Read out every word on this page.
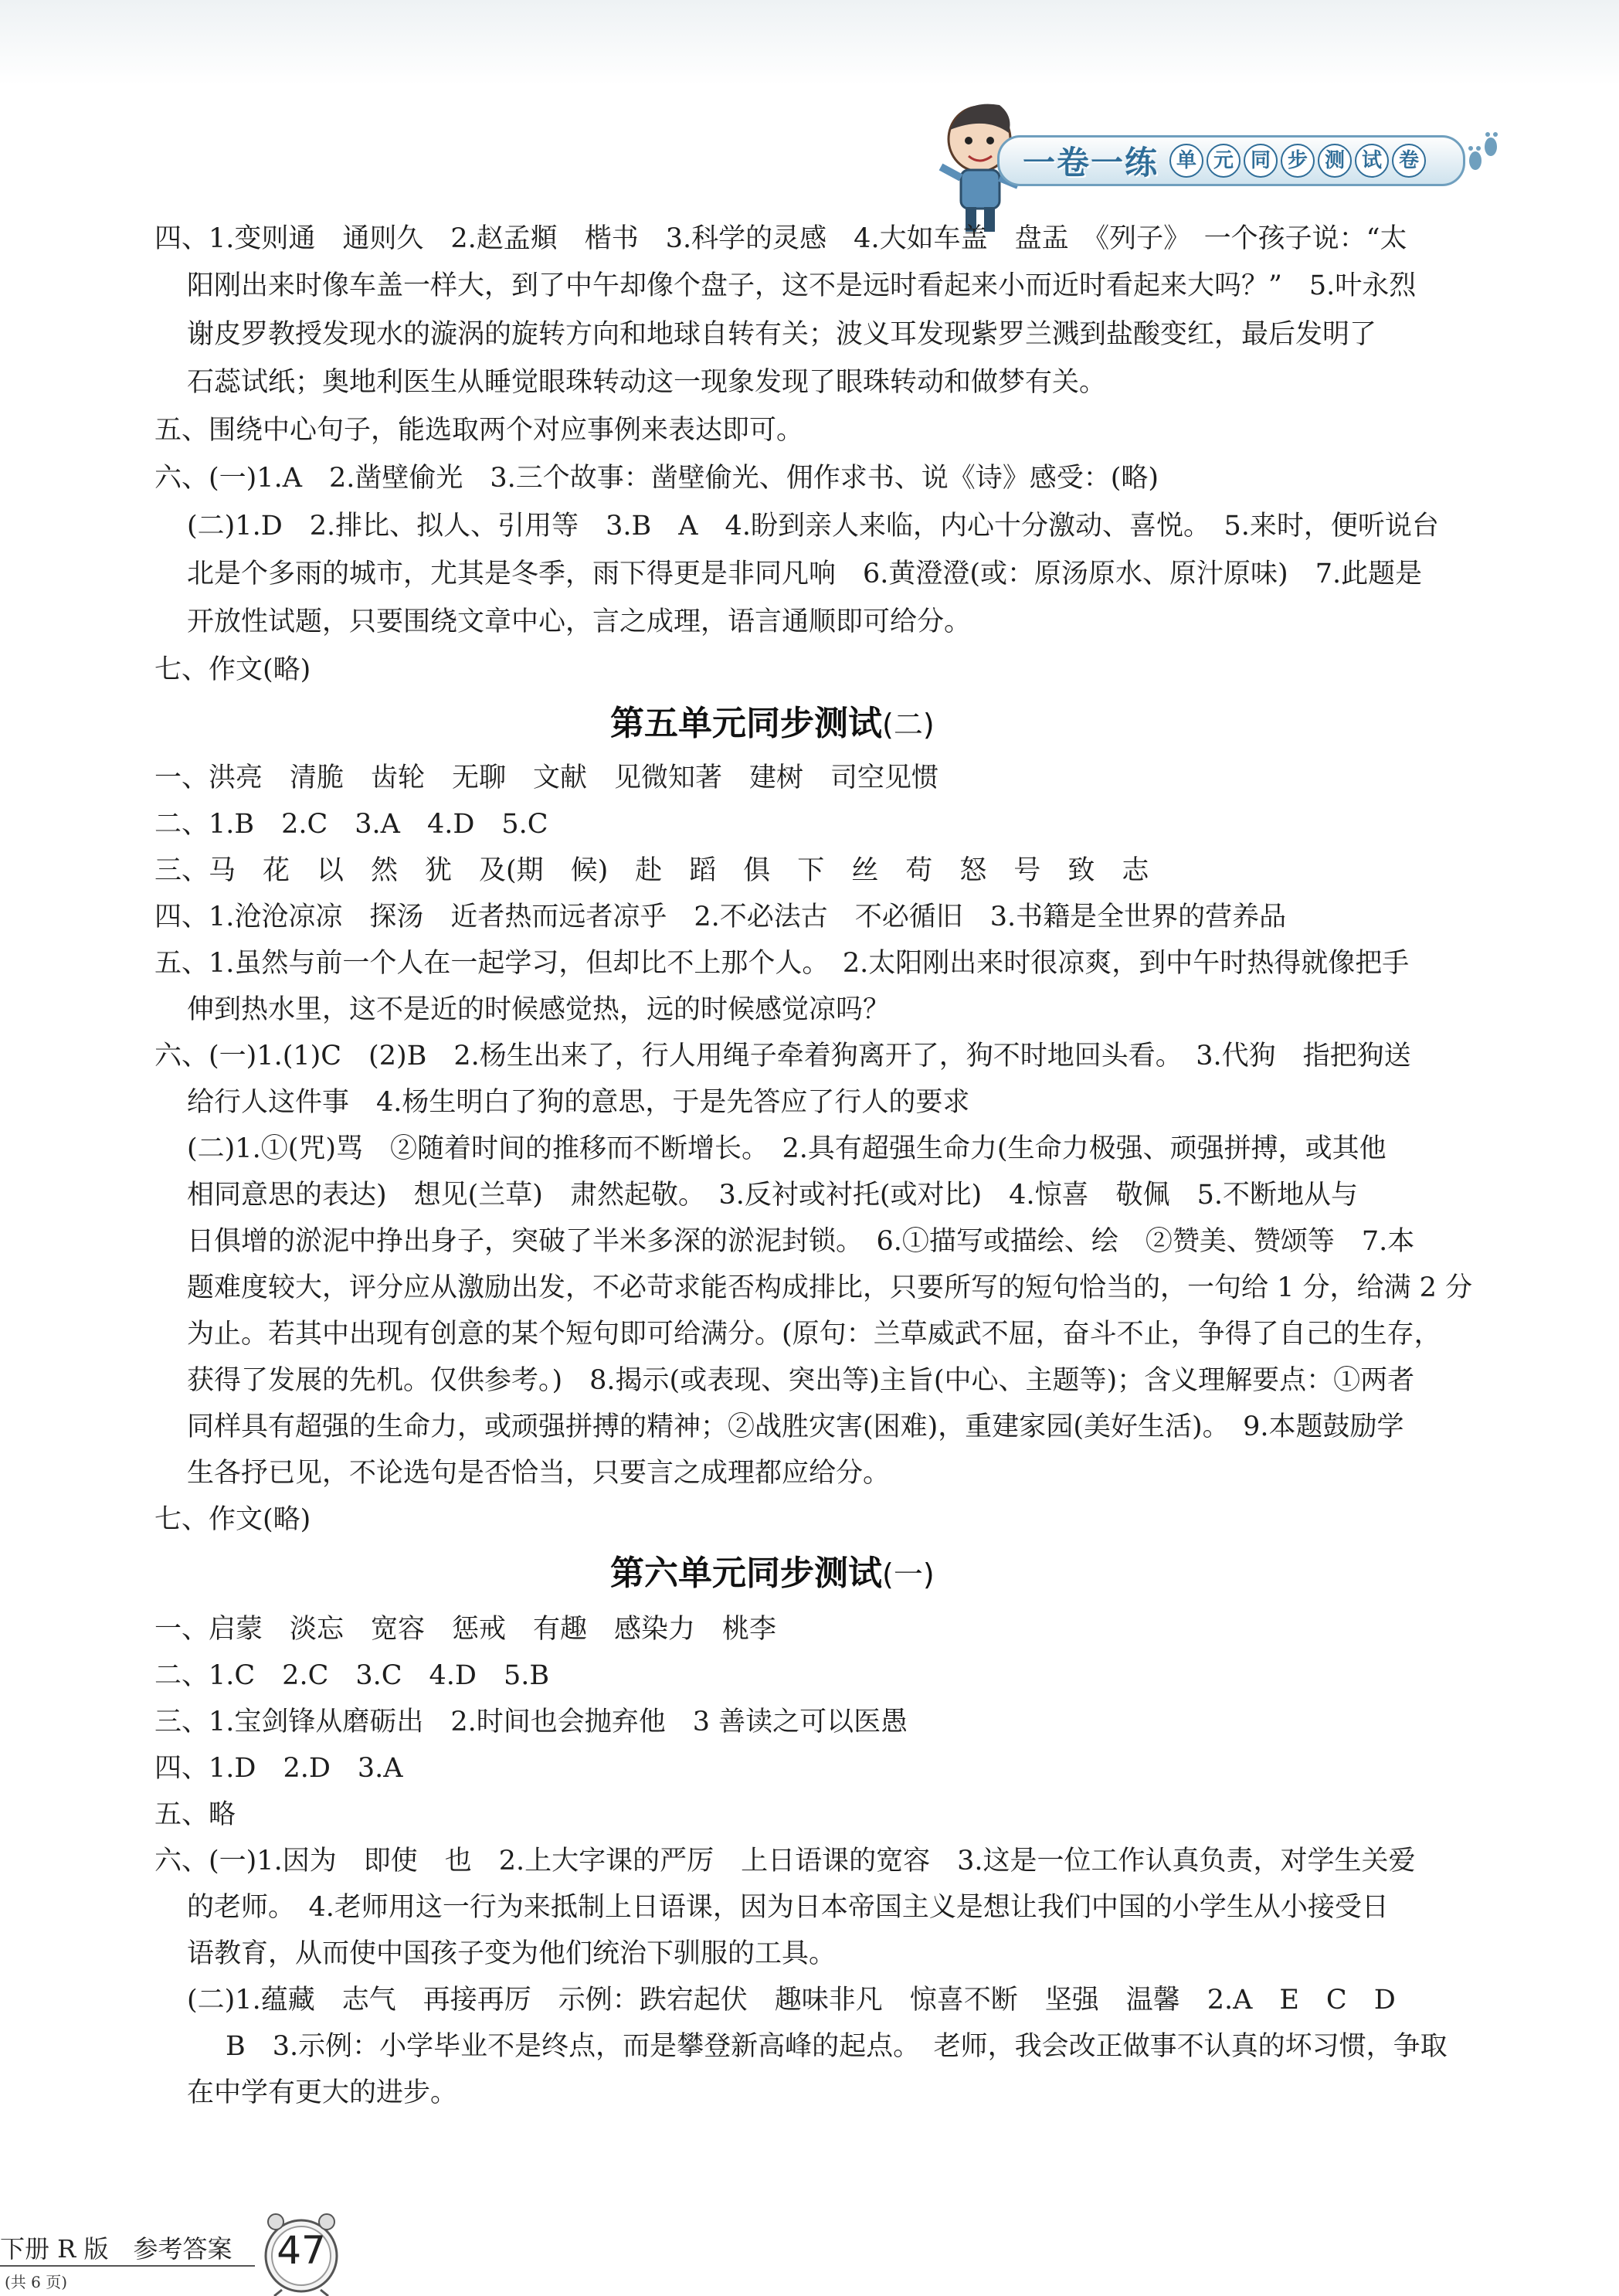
一卷一练 单 元 同 步 测 试 卷
四、1.变则通　通则久　2.赵孟頫　楷书　3.科学的灵感　4.大如车盖　盘盂　《列子》　一个孩子说：“太
阳刚出来时像车盖一样大，到了中午却像个盘子，这不是远时看起来小而近时看起来大吗？”　5.叶永烈
谢皮罗教授发现水的漩涡的旋转方向和地球自转有关；波义耳发现紫罗兰溅到盐酸变红，最后发明了
石蕊试纸；奥地利医生从睡觉眼珠转动这一现象发现了眼珠转动和做梦有关。
五、围绕中心句子，能选取两个对应事例来表达即可。
六、(一)1.A　2.凿壁偷光　3.三个故事：凿壁偷光、佣作求书、说《诗》感受：(略)
(二)1.D　2.排比、拟人、引用等　3.B　A　4.盼到亲人来临，内心十分激动、喜悦。　5.来时，便听说台
北是个多雨的城市，尤其是冬季，雨下得更是非同凡响　6.黄澄澄(或：原汤原水、原汁原味)　7.此题是
开放性试题，只要围绕文章中心，言之成理，语言通顺即可给分。
七、作文(略)
第五单元同步测试(二)
一、洪亮　清脆　齿轮　无聊　文献　见微知著　建树　司空见惯
二、1.B　2.C　3.A　4.D　5.C
三、马　花　以　然　犹　及(期　候)　赴　蹈　俱　下　丝　苟　怒　号　致　志
四、1.沧沧凉凉　探汤　近者热而远者凉乎　2.不必法古　不必循旧　3.书籍是全世界的营养品
五、1.虽然与前一个人在一起学习，但却比不上那个人。　2.太阳刚出来时很凉爽，到中午时热得就像把手
伸到热水里，这不是近的时候感觉热，远的时候感觉凉吗？
六、(一)1.(1)C　(2)B　2.杨生出来了，行人用绳子牵着狗离开了，狗不时地回头看。　3.代狗　指把狗送
给行人这件事　4.杨生明白了狗的意思，于是先答应了行人的要求
(二)1.①(咒)骂　②随着时间的推移而不断增长。　2.具有超强生命力(生命力极强、顽强拼搏，或其他
相同意思的表达)　想见(兰草)　肃然起敬。　3.反衬或衬托(或对比)　4.惊喜　敬佩　5.不断地从与
日俱增的淤泥中挣出身子，突破了半米多深的淤泥封锁。　6.①描写或描绘、绘　②赞美、赞颂等　7.本
题难度较大，评分应从激励出发，不必苛求能否构成排比，只要所写的短句恰当的，一句给 1 分，给满 2 分
为止。若其中出现有创意的某个短句即可给满分。(原句：兰草威武不屈，奋斗不止，争得了自己的生存，
获得了发展的先机。仅供参考。)　8.揭示(或表现、突出等)主旨(中心、主题等)；含义理解要点：①两者
同样具有超强的生命力，或顽强拼搏的精神；②战胜灾害(困难)，重建家园(美好生活)。　9.本题鼓励学
生各抒已见，不论选句是否恰当，只要言之成理都应给分。
七、作文(略)
第六单元同步测试(一)
一、启蒙　淡忘　宽容　惩戒　有趣　感染力　桃李
二、1.C　2.C　3.C　4.D　5.B
三、1.宝剑锋从磨砺出　2.时间也会抛弃他　3 善读之可以医愚
四、1.D　2.D　3.A
五、略
六、(一)1.因为　即使　也　2.上大字课的严厉　上日语课的宽容　3.这是一位工作认真负责，对学生关爱
的老师。　4.老师用这一行为来抵制上日语课，因为日本帝国主义是想让我们中国的小学生从小接受日
语教育，从而使中国孩子变为他们统治下驯服的工具。
(二)1.蕴藏　志气　再接再厉　示例：跌宕起伏　趣味非凡　惊喜不断　坚强　温馨　2.A　E　C　D
B　3.示例：小学毕业不是终点，而是攀登新高峰的起点。　老师，我会改正做事不认真的坏习惯，争取
在中学有更大的进步。
下册 R 版　参考答案
(共 6 页)
47
